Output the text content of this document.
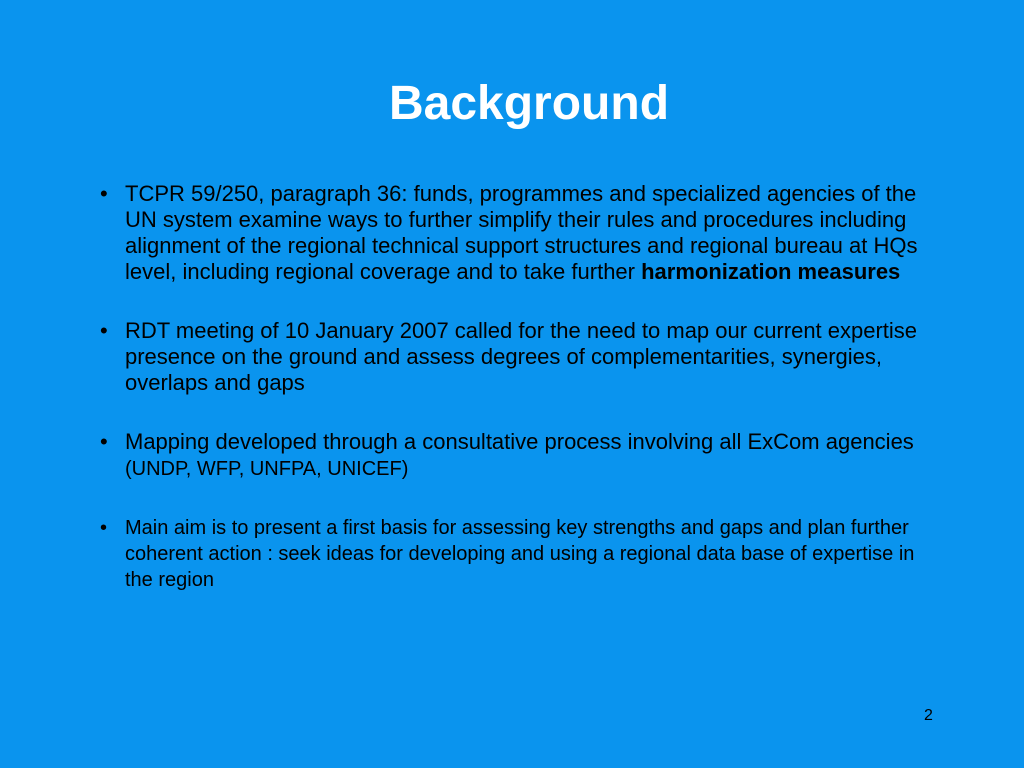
Background
• TCPR 59/250, paragraph 36: funds, programmes and specialized agencies of the UN system examine ways to further simplify their rules and procedures including alignment of the regional technical support structures and regional bureau at HQs level, including regional coverage and to take further harmonization measures
• RDT meeting of 10 January 2007 called for the need to map our current expertise presence on the ground and assess degrees of complementarities, synergies, overlaps and gaps
• Mapping developed through a consultative process involving all ExCom agencies (UNDP, WFP, UNFPA, UNICEF)
• Main aim is to present a first basis for assessing key strengths and gaps and plan further coherent action : seek ideas for developing and using a regional data base of expertise in the region
2
